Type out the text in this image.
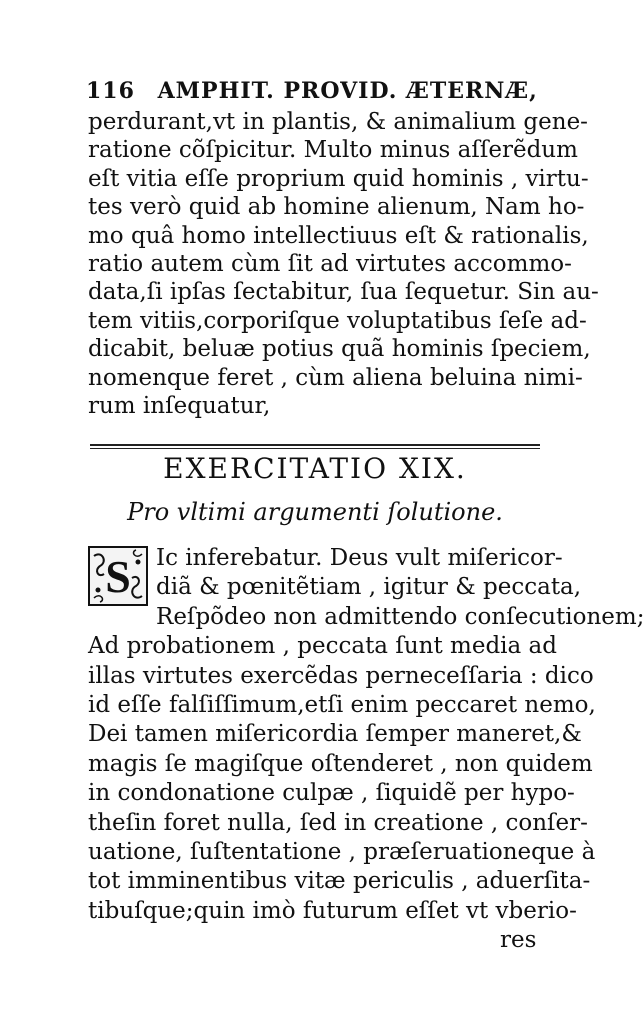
116 AMPHIT. PROVID. ÆTERNÆ,
perdurant,vt in plantis, & animalium gene-
ratione cõſpicitur. Multo minus aſſerẽdum
eſt vitia eſſe proprium quid hominis , virtu-
tes verò quid ab homine alienum, Nam ho-
mo quâ homo intellectiuus eſt & rationalis,
ratio autem cùm ſit ad virtutes accommo-
data,ſi ipſas ſectabitur, ſua ſequetur. Sin au-
tem vitiis,corporiſque voluptatibus ſeſe ad-
dicabit, beluæ potius quã hominis ſpeciem,
nomenque feret , cùm aliena beluina nimi-
rum inſequatur,
EXERCITATIO XIX.
Pro vltimi argumenti ſolutione.
S	Ic inferebatur. Deus vult miſericor-
diã & pœnitẽtiam , igitur & peccata,
Reſpõdeo non admittendo conſecutionem;
Ad probationem , peccata ſunt media ad
illas virtutes exercẽdas perneceſſaria : dico
id eſſe falſiſſimum,etſi enim peccaret nemo,
Dei tamen miſericordia ſemper maneret,&
magis ſe magiſque oſtenderet , non quidem
in condonatione culpæ , ſiquidẽ per hypo-
theſin foret nulla, ſed in creatione , conſer-
uatione, ſuſtentatione , præſeruationeque à
tot imminentibus vitæ periculis , aduerſita-
tibuſque;quin imò futurum eſſet vt vberio-
res
